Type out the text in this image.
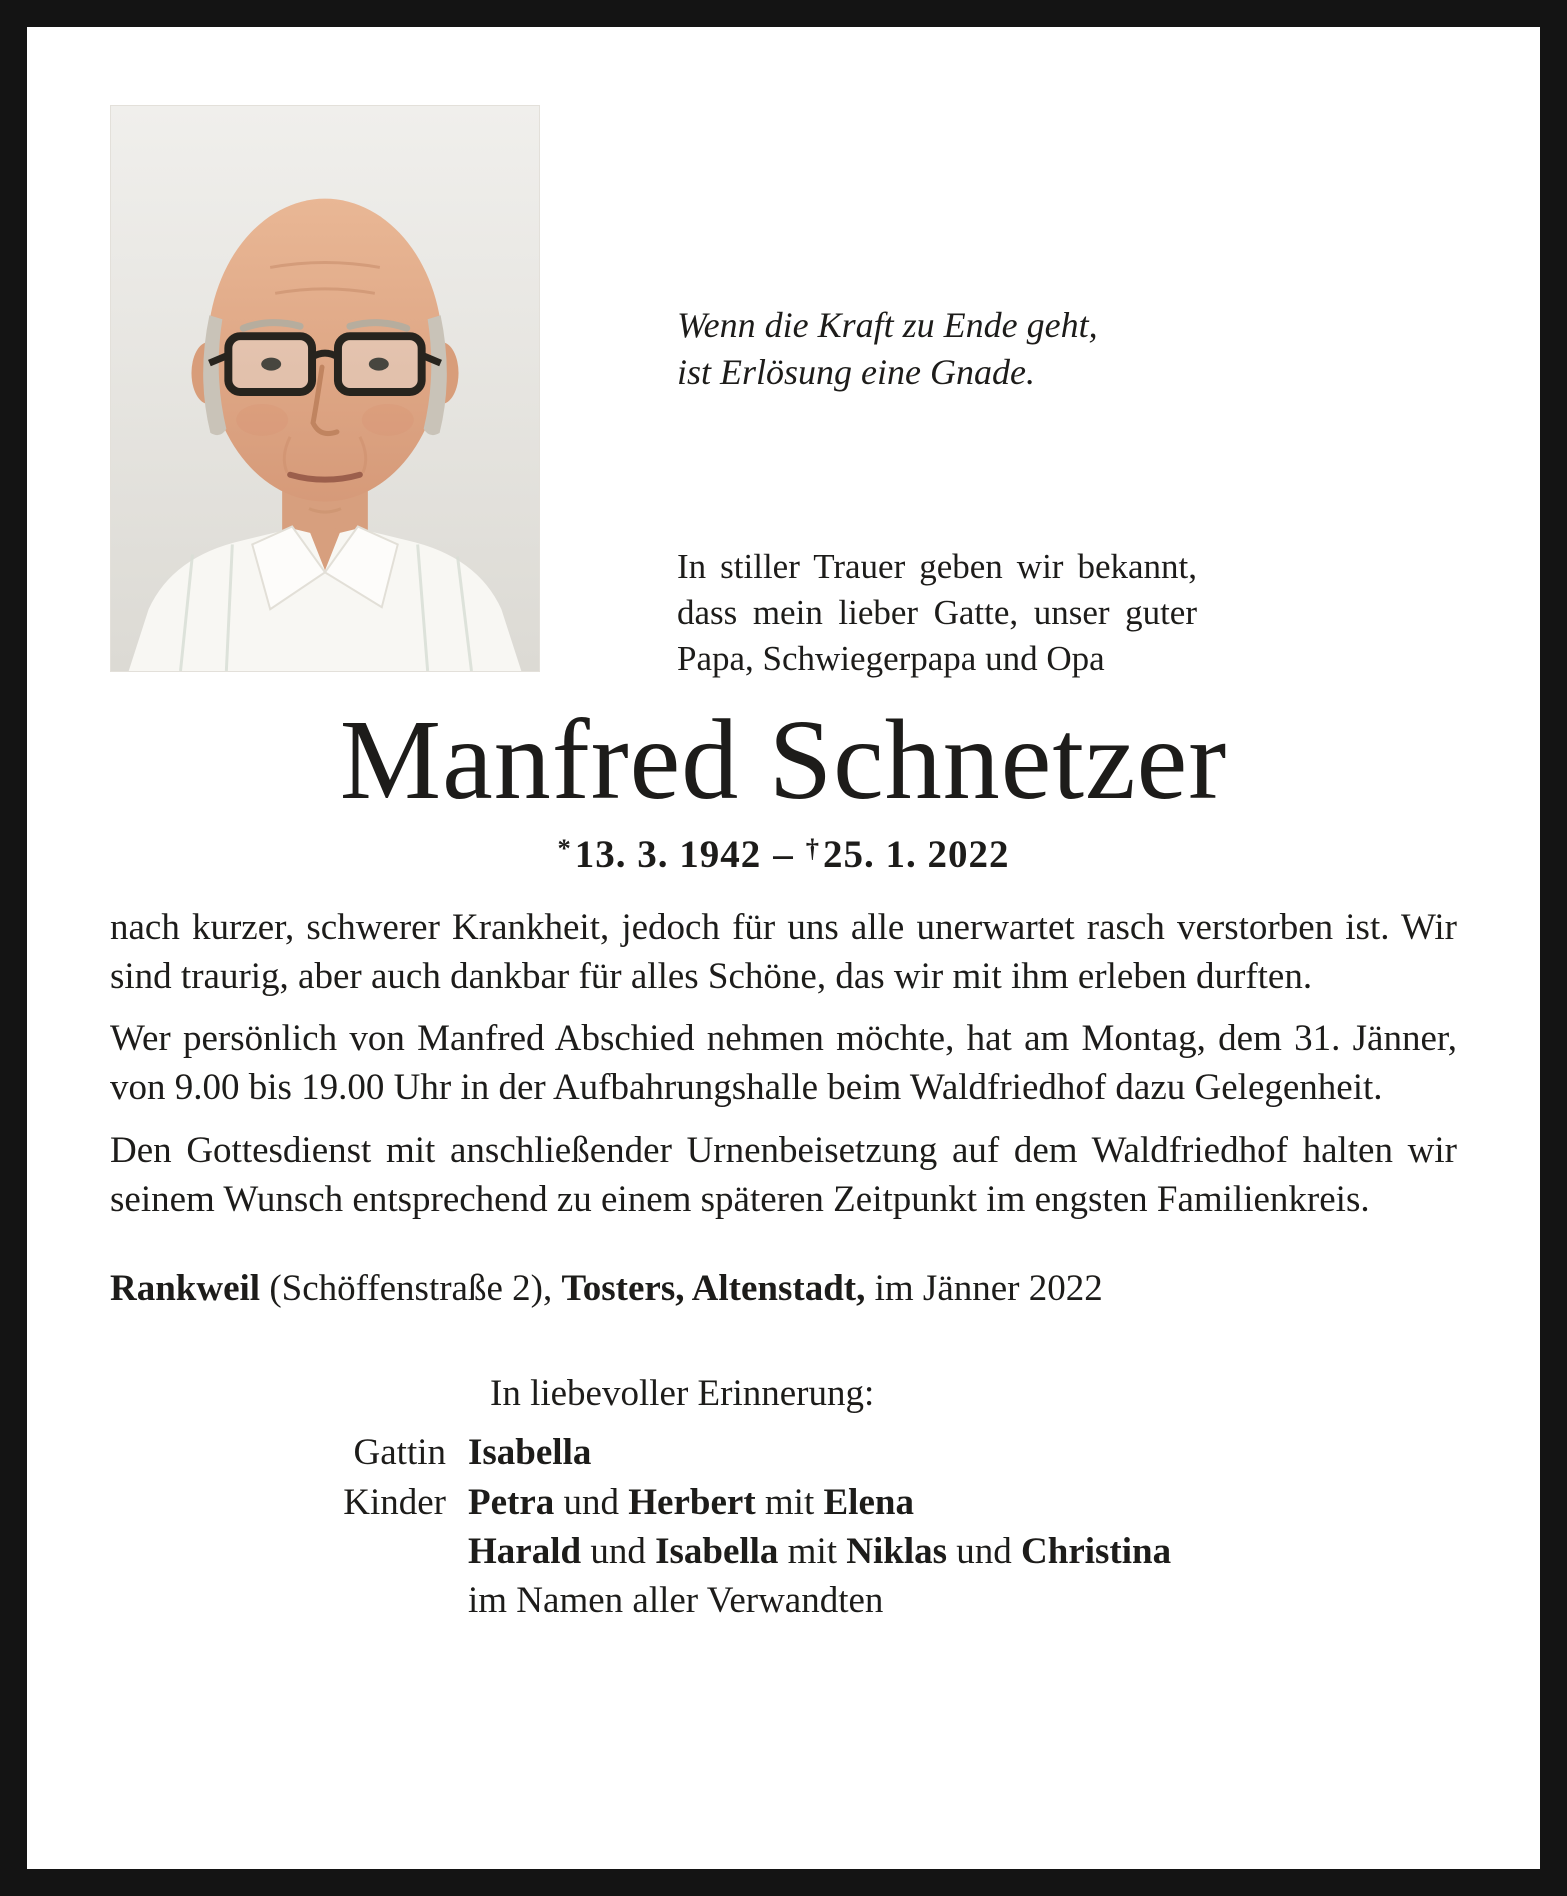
Wenn die Kraft zu Ende geht,
ist Erlösung eine Gnade.
In stiller Trauer geben wir bekannt, dass mein lieber Gatte, unser guter Papa, Schwiegerpapa und Opa
Manfred Schnetzer
*13. 3. 1942 – †25. 1. 2022

nach kurzer, schwerer Krankheit, jedoch für uns alle unerwartet rasch verstorben ist. Wir sind traurig, aber auch dankbar für alles Schöne, das wir mit ihm erleben durften.

Wer persönlich von Manfred Abschied nehmen möchte, hat am Montag, dem 31. Jänner, von 9.00 bis 19.00 Uhr in der Aufbahrungshalle beim Waldfriedhof dazu Gelegenheit.

Den Gottesdienst mit anschließender Urnenbeisetzung auf dem Waldfriedhof halten wir seinem Wunsch entsprechend zu einem späteren Zeitpunkt im engsten Familienkreis.

Rankweil (Schöffenstraße 2), Tosters, Altenstadt, im Jänner 2022

In liebevoller Erinnerung:
Gattin Isabella
Kinder Petra und Herbert mit Elena
Harald und Isabella mit Niklas und Christina
im Namen aller Verwandten
